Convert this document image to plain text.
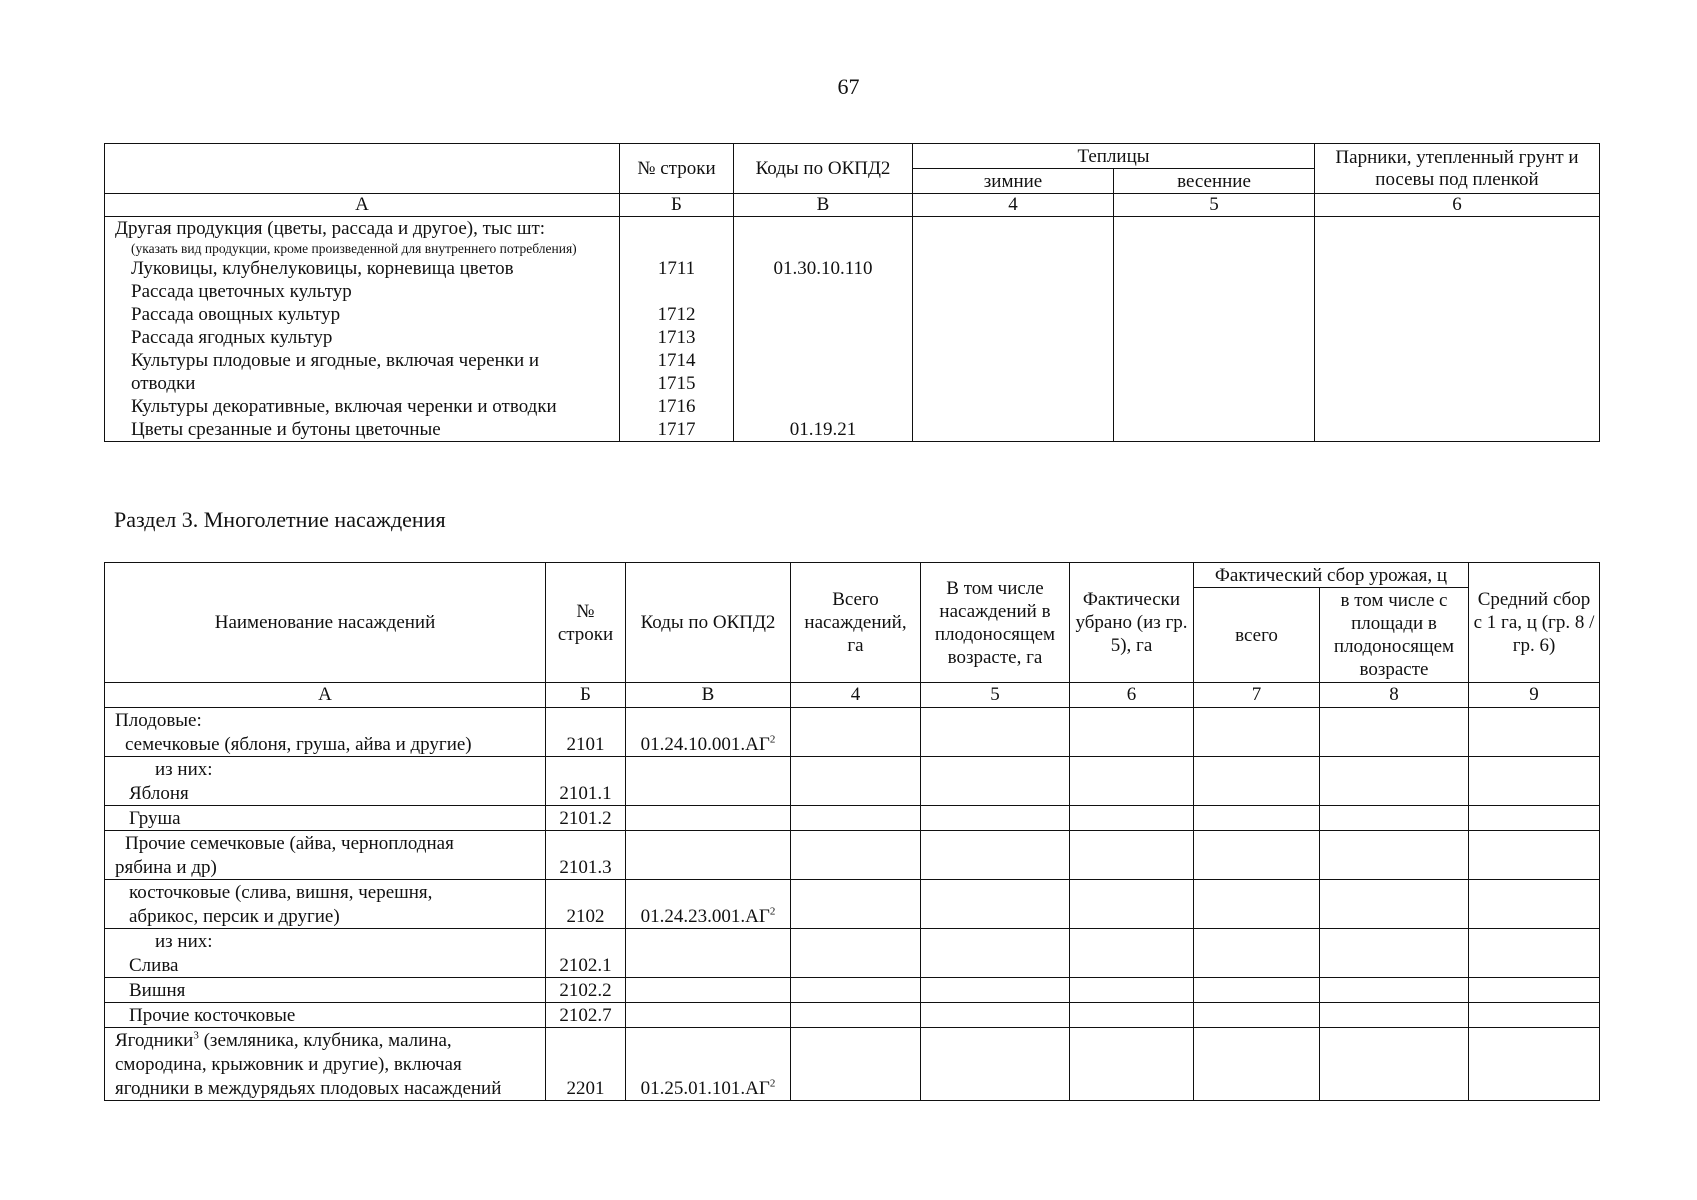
67
	№ строки	Коды по ОКПД2	Теплицы		Парники, утепленный грунт и посевы под пленкой
			зимние	весенние	
А	Б	В	4	5	6
Другая продукция (цветы, рассада и другое), тыс шт:					
(указать вид продукции, кроме произведенной для внутреннего потребления)					
Луковицы, клубнелуковицы, корневища цветов	1711	01.30.10.110			
Рассада цветочных культур					
Рассада овощных культур	1712				
Рассада ягодных культур	1713				
Культуры плодовые и ягодные, включая черенки и	1714				
отводки	1715				
Культуры декоративные, включая черенки и отводки	1716				
Цветы срезанные и бутоны цветочные	1717	01.19.21			
Раздел 3. Многолетние насаждения
Наименование насаждений	№ строки	Коды по ОКПД2	Всего насаждений, га	В том числе насаждений в плодоносящем возрасте, га	Фактически убрано (из гр. 5), га	Фактический сбор урожая, ц		Средний сбор с 1 га, ц (гр. 8 / гр. 6)
						всего	в том числе с площади в плодоносящем возрасте	
А	Б	В	4	5	6	7	8	9
Плодовые:								
семечковые (яблоня, груша, айва и другие)	2101	$01.24.10.001.АГ^2$						
из них:								
Яблоня	2101.1							
Груша	2101.2							
Прочие семечковые (айва, черноплодная								
рябина и др)	2101.3							
косточковые (слива, вишня, черешня,								
абрикос, персик и другие)	2102	$01.24.23.001.АГ^2$						
из них:								
Слива	2102.1							
Вишня	2102.2							
Прочие косточковые	2102.7							
Ягодники$^3$ (земляника, клубника, малина,								
смородина, крыжовник и другие), включая								
ягодники в междурядьях плодовых насаждений	2201	$01.25.01.101.АГ^2$						
